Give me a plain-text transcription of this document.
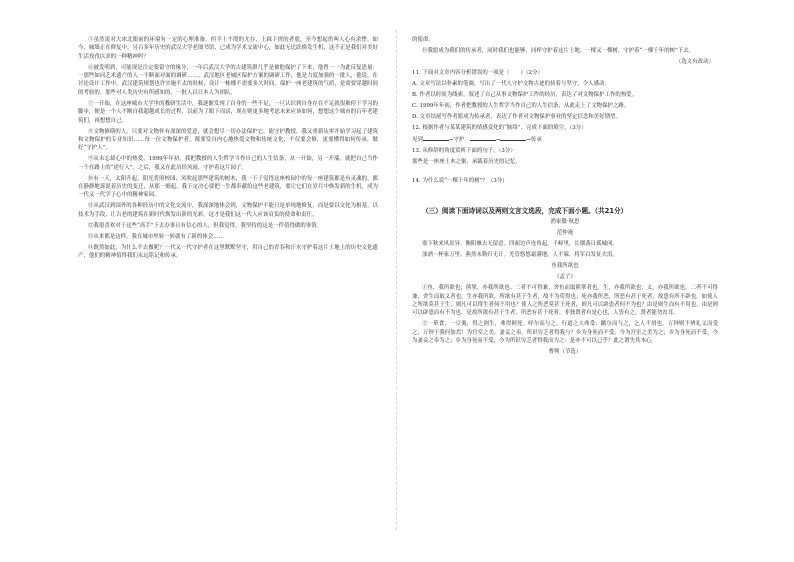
⑤虽然说对大冰北眼前的环境有一定的心理准备，但半土不殷的尤存、上踩下搓的者底，至今想起仍叫人心有余悸。如今，城墙正在修复中，另百多年历史的武汉大学老图书馆，已成为学术交流中心，如此无比跃焕发生机，这不正是我们对美好生活孜孜以求的一种精神吗？

⑥被发明到，可能现是注定要留守的缘分，一年后武汉大学的古建筑群几乎是被他保护了下来，他曾一一为此反复思量：一那些如同艺术遗产的人一不断面对面的调研……、武汉地区老城区保护方案的调研工作，他是力度加强的一批人，他说，在讨论设计工作中，武汉建筑规划也许实施不太的时候，设计一栋楼不需要多久时间，保护一座老建筑的气质，是需要穿越时间的考验的。那些对人类历史有所感知的，一批人以日本人为团队。

⑦一开始，在这座城市大学里的教研生活中，我逐渐发现了自身的一些不足，一旦认识到自身存在不足就很难停下学习的脚步，便是一个人不断自我超越成长的过程，以前为了眼下而活，现在则更多地考虑未来应该如何，想想这个城市的百年老建筑们，再想想自己。

⑧文物修缮的人，只要对文物怀有深深的爱意，就会想尽一切办法保护它。能守护教授，我又重新从零开始学习起了建筑和文物保护的专业知识……每一位文物保护者，都要发自内心地热爱文物和传统文化，不仅要会修，更要懂得如何传承，做好“守护人”。

⑨从未忘却心中的热爱，1999年年初，我把教授的人生哲学当作自己的人生信条，从一开始，另一开端，就把自己当作一个在路上的“逆行人”。之后，我又在此历经风雨，守护着这片园子。

⑩有一天，太阳升起，阳光普照校园，风吹起那些建筑的树木，我一下子觉得这座校园中的每一座建筑都是有灵魂的，都在静静地诉说着历史的变迁，从那一刻起，我下定决心要把一生都奉献给这些老建筑，要让它们在岁月中焕发新的生机，成为一代又一代学子心中的精神家园。

⑪从武汉到国外的各种经历中的文化交流中，我深深地体会到，文物保护不能只是单纯地修复，而是要以文化为根基，以技术为手段，让古老的建筑在新时代焕发出新的光彩，这才是我们这一代人应该肩负的使命和责任。

⑫我很喜欢对于这些“高手”下去办事且有信心的人，但我觉得，我坚持的这是一件值得做的事情。

⑬从来都是这样，我在城市里转一转就有了新的体会……

⑭既然如此，为什么不去做呢？一代又一代守护者在这里默默坚守，用自己的青春和汗水守护着这片土地上的历史文化遗产，他们的精神值得我们永远铭记和传承。

的使命。

⑮我愿成为我们的传承者，同时我们也能够，同样守护着这片土地，一棵又一棵树，守护着“一棵千年的树”下去。

（选文有改动）

11. 下面对文章内容分析错误的一项是（　　）（2分）

A. 文章写法以朴素的笔调，写出了一代人守护文物古迹的执着与坚守，令人感动。

B. 作者以时间为线索，叙述了自己从事文物保护工作的经历，表达了对文物保护工作的热爱。

C. 1999年年初，作者把教授的人生哲学当作自己的人生信条，从此走上了文物保护之路。

D. 文章结尾写作者愿成为传承者，表达了作者对文物保护事业的坚定信念和美好期望。

12. 根据作者与某某建筑的情感变化的“脉络”，完成下面的填空。（3分）

见到	→守护　	→	→传承

13. 从修辞的角度赏析下面的句子。（3分）

那些是一座座土木之躯，承载着历史的记忆。

14. 为什么说“一棵千年的树”？（3分）

（三）阅读下面诗词以及两则文言文选段，完成下面小题。（共21分）

渔家傲·秋思

范仲淹

塞下秋来风景异，衡阳雁去无留意。四面边声连角起。千嶂里，长烟落日孤城闭。

浊酒一杯家万里，燕然未勒归无计。羌管悠悠霜满地。人不寐，将军白发征夫泪。

鱼我所欲也

《孟子》

①鱼，我所欲也；熊掌，亦我所欲也。二者不可得兼，舍鱼而取熊掌者也。生，亦我所欲也；义，亦我所欲也。二者不可得兼，舍生而取义者也。生亦我所欲，所欲有甚于生者，故不为苟得也；死亦我所恶，所恶有甚于死者，故患有所不辟也。如使人之所欲莫甚于生，则凡可以得生者何不用也？使人之所恶莫甚于死者，则凡可以辟患者何不为也？由是则生而有不用也，由是则可以辟患而有不为也。是故所欲有甚于生者，所恶有甚于死者。非独贤者有是心也，人皆有之，贤者能勿丧耳。

②一箪食，一豆羹，得之则生，弗得则死。呼尔而与之，行道之人弗受；蹴尔而与之，乞人不屑也。万钟则不辨礼义而受之，万钟于我何加焉！为宫室之美，妻妾之奉，所识穷乏者得我与？乡为身死而不受，今为宫室之美为之；乡为身死而不受，今为妻妾之奉为之；乡为身死而不受，今为所识穷乏者得我而为之：是亦不可以已乎？此之谓失其本心。

曹刿（节选）
